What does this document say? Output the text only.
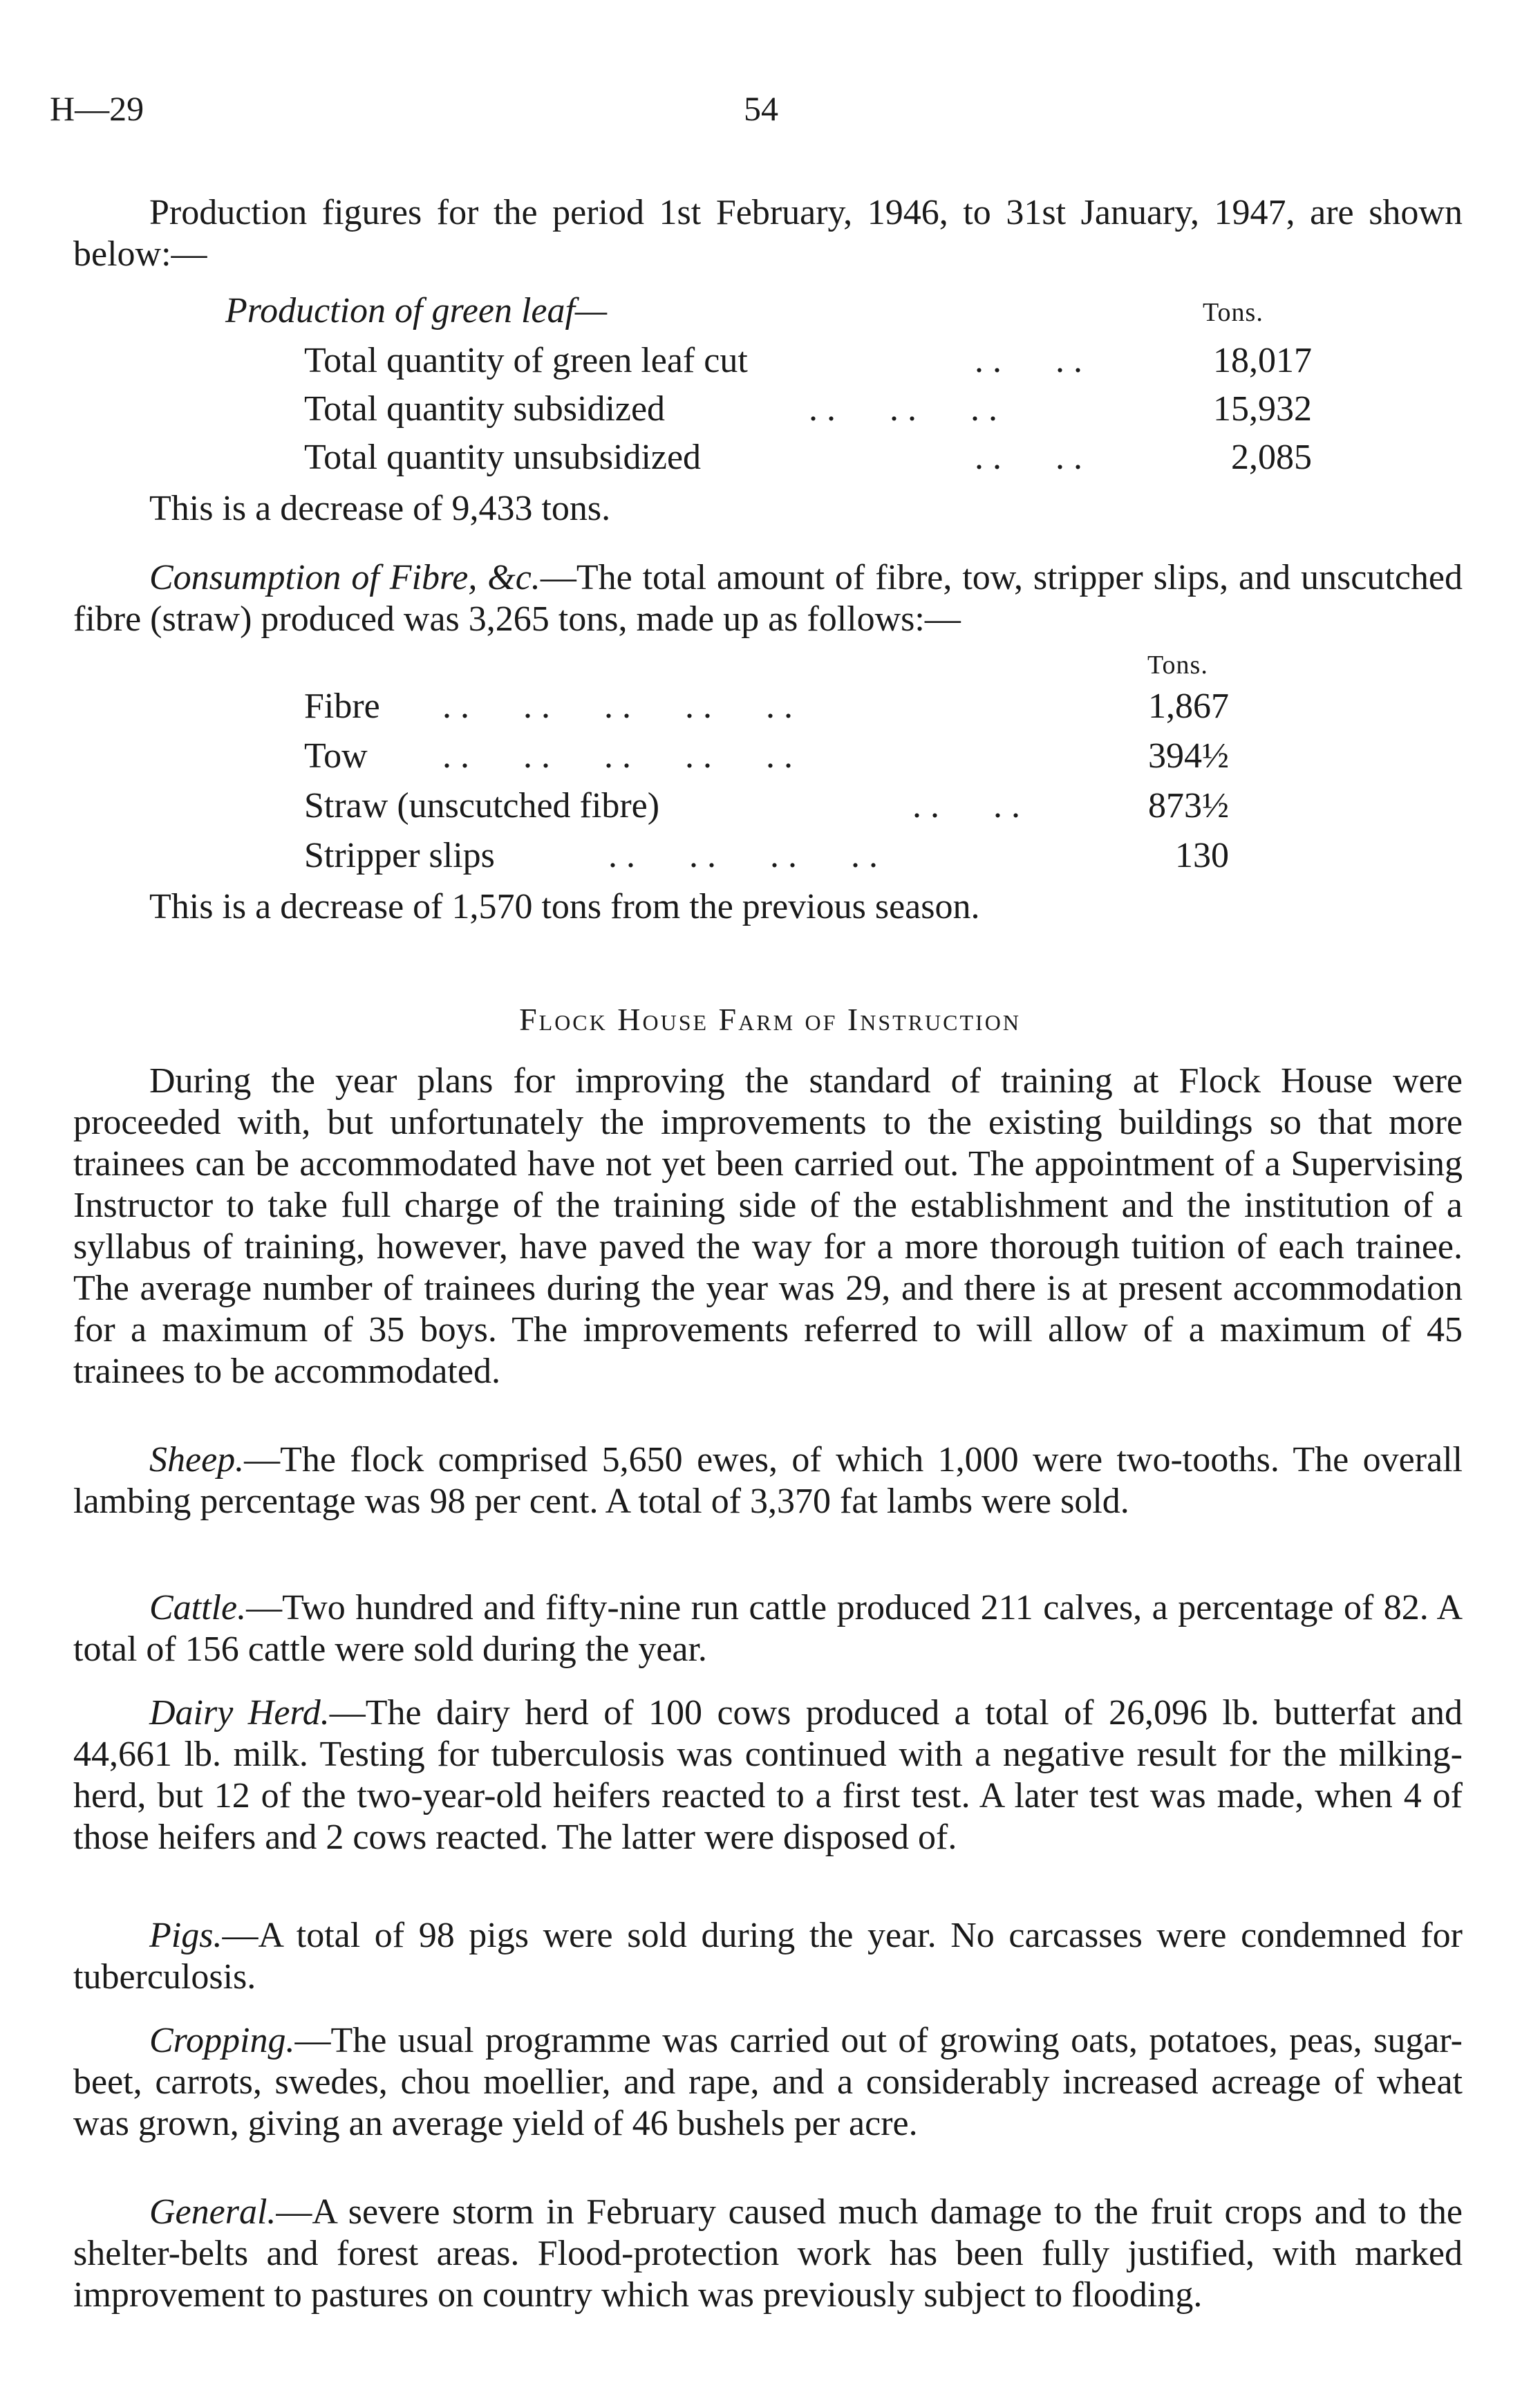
H—29	54

Production figures for the period 1st February, 1946, to 31st January, 1947, are shown below:—

Production of green leaf—	Tons.
Total quantity of green leaf cut	. .      . .	18,017
Total quantity subsidized	. .      . .      . .	15,932
Total quantity unsubsidized	. .      . .	2,085
This is a decrease of 9,433 tons.

Consumption of Fibre, &c.—The total amount of fibre, tow, stripper slips, and unscutched fibre (straw) produced was 3,265 tons, made up as follows:—

Tons.
Fibre . .      . .      . .      . .      . .	1,867
Tow . .      . .      . .      . .      . .	394½
Straw (unscutched fibre)	. .      . .	873½
Stripper slips	. .      . .      . .      . .	130
This is a decrease of 1,570 tons from the previous season.
Flock House Farm of Instruction

During the year plans for improving the standard of training at Flock House were proceeded with, but unfortunately the improvements to the existing buildings so that more trainees can be accommodated have not yet been carried out. The appointment of a Supervising Instructor to take full charge of the training side of the establishment and the institution of a syllabus of training, however, have paved the way for a more thorough tuition of each trainee. The average number of trainees during the year was 29, and there is at present accommodation for a maximum of 35 boys. The improvements referred to will allow of a maximum of 45 trainees to be accommodated.

Sheep.—The flock comprised 5,650 ewes, of which 1,000 were two-tooths. The overall lambing percentage was 98 per cent. A total of 3,370 fat lambs were sold.

Cattle.—Two hundred and fifty-nine run cattle produced 211 calves, a percentage of 82. A total of 156 cattle were sold during the year.

Dairy Herd.—The dairy herd of 100 cows produced a total of 26,096 lb. butterfat and 44,661 lb. milk. Testing for tuberculosis was continued with a negative result for the milking-herd, but 12 of the two-year-old heifers reacted to a first test. A later test was made, when 4 of those heifers and 2 cows reacted. The latter were disposed of.

Pigs.—A total of 98 pigs were sold during the year. No carcasses were condemned for tuberculosis.

Cropping.—The usual programme was carried out of growing oats, potatoes, peas, sugar-beet, carrots, swedes, chou moellier, and rape, and a considerably increased acreage of wheat was grown, giving an average yield of 46 bushels per acre.

General.—A severe storm in February caused much damage to the fruit crops and to the shelter-belts and forest areas. Flood-protection work has been fully justified, with marked improvement to pastures on country which was previously subject to flooding.
